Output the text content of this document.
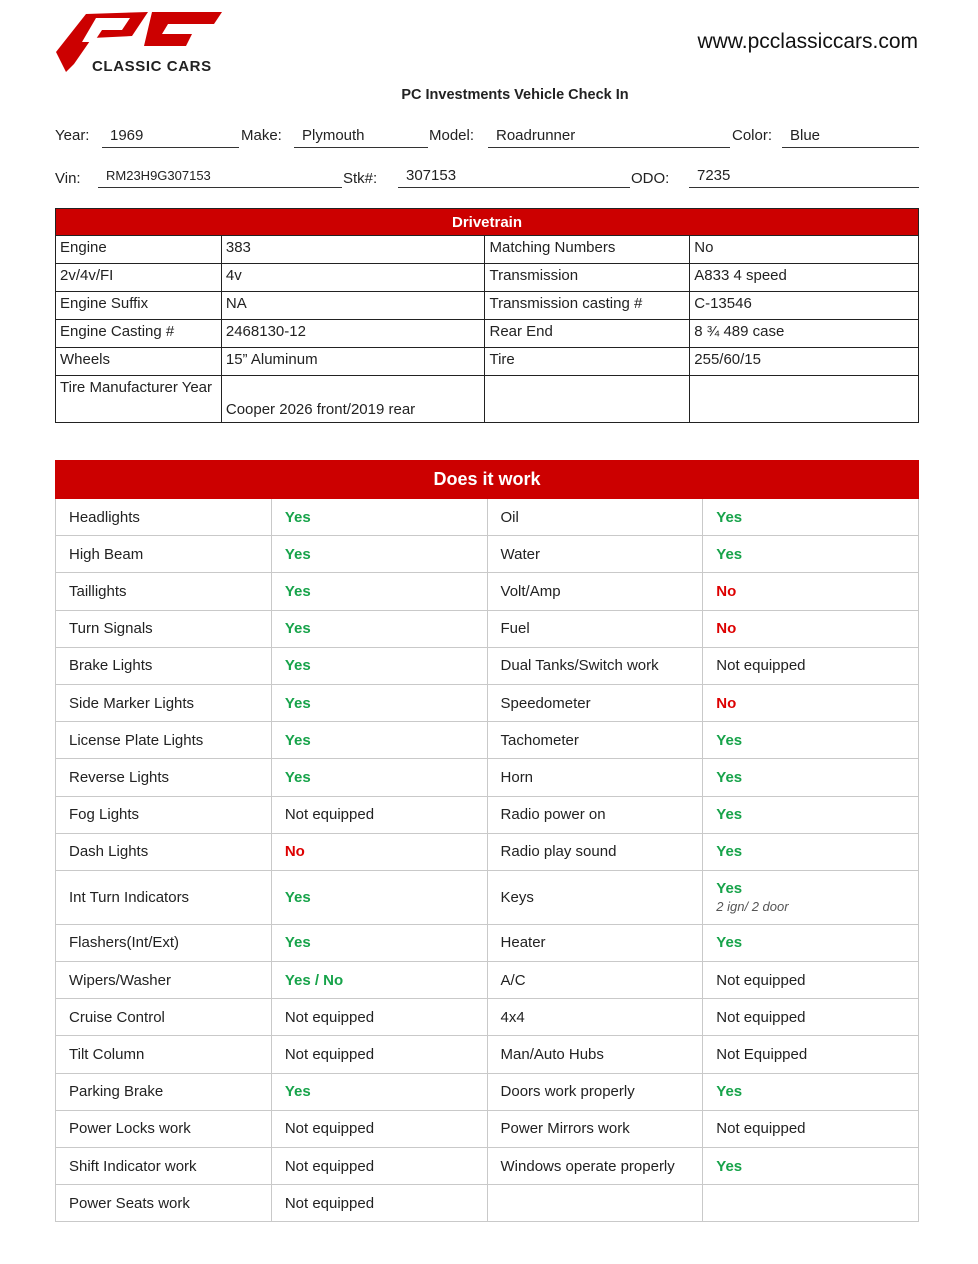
CLASSIC CARS
www.pcclassiccars.com
PC Investments Vehicle Check In
Year:	1969	Make:	Plymouth	Model:	Roadrunner	Color:	Blue
Vin:	RM23H9G307153	Stk#:	307153	ODO:	7235
Drivetrain			
Engine	383	Matching Numbers	No
2v/4v/FI	4v	Transmission	A833 4 speed
Engine Suffix	NA	Transmission casting #	C-13546
Engine Casting #	2468130-12	Rear End	8 ¾ 489 case
Wheels	15” Aluminum	Tire	255/60/15
Tire Manufacturer Year	Cooper 2026 front/2019 rear		
Does it work			
Headlights	Yes	Oil	Yes
High Beam	Yes	Water	Yes
Taillights	Yes	Volt/Amp	No
Turn Signals	Yes	Fuel	No
Brake Lights	Yes	Dual Tanks/Switch work	Not equipped
Side Marker Lights	Yes	Speedometer	No
License Plate Lights	Yes	Tachometer	Yes
Reverse Lights	Yes	Horn	Yes
Fog Lights	Not equipped	Radio power on	Yes
Dash Lights	No	Radio play sound	Yes
Int Turn Indicators	Yes	Keys	Yes
2 ign/ 2 door

Flashers(Int/Ext)	Yes	Heater	Yes
Wipers/Washer	Yes / No	A/C	Not equipped
Cruise Control	Not equipped	4x4	Not equipped
Tilt Column	Not equipped	Man/Auto Hubs	Not Equipped
Parking Brake	Yes	Doors work properly	Yes
Power Locks work	Not equipped	Power Mirrors work	Not equipped
Shift Indicator work	Not equipped	Windows operate properly	Yes
Power Seats work	Not equipped		
